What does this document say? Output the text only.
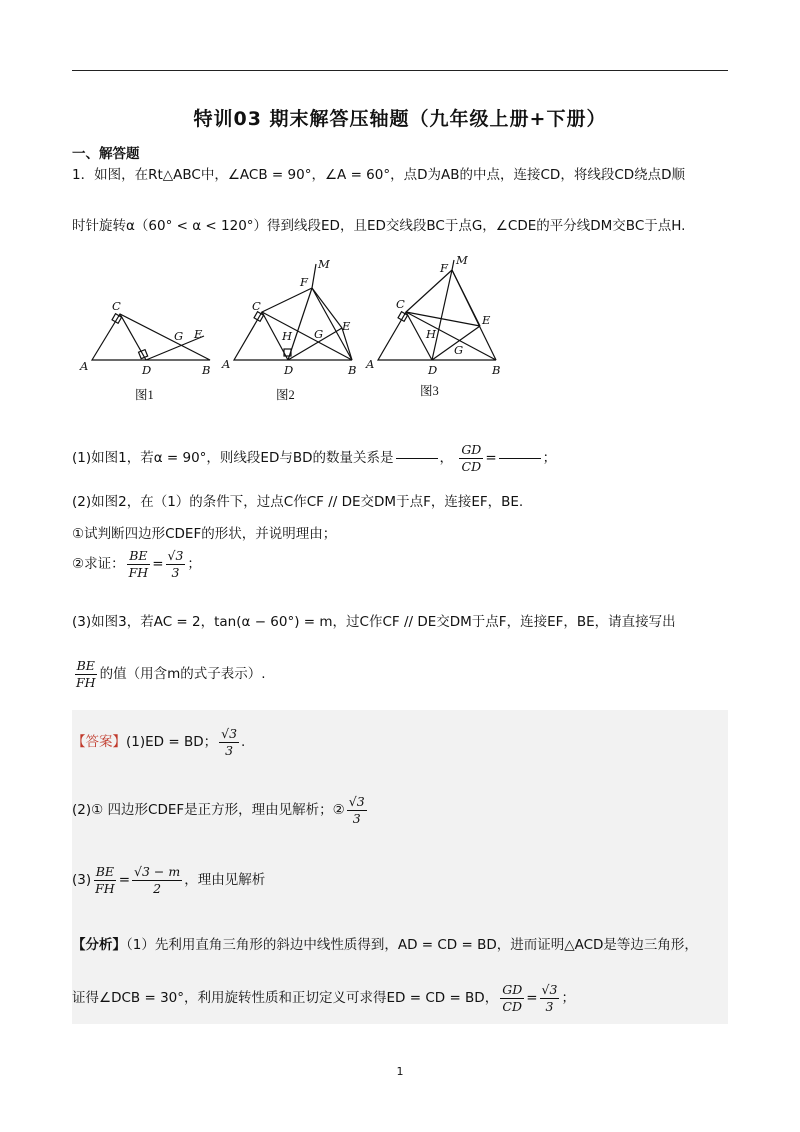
特训03 期末解答压轴题（九年级上册+下册）
一、解答题
1．如图，在Rt△ABC中，∠ACB = 90°，∠A = 60°，点D为AB的中点，连接CD，将线段CD绕点D顺
时针旋转α（60° < α < 120°）得到线段ED，且ED交线段BC于点G，∠CDE的平分线DM交BC于点H.
C
A	D	B
G E
M
F
C
H G
E
A	D	B
F
M
C
H
E
G
A	D	B
图1	图2	图3
(1)如图1，若α = 90°，则线段ED与BD的数量关系是	， $\frac{GD}{CD}$ =	；
(2)如图2，在（1）的条件下，过点C作CF // DE交DM于点F，连接EF，BE.
①试判断四边形CDEF的形状，并说明理由；
②求证： $\frac{BE}{FH} = \frac{√3}{3}$ ；
(3)如图3，若AC = 2，tan(α − 60°) = m，过C作CF // DE交DM于点F，连接EF，BE，请直接写出
$\frac{BE}{FH}$ 的值（用含m的式子表示）.
【答案】(1)ED = BD； $\frac{√3}{3}$ .
(2)① 四边形CDEF是正方形，理由见解析；② $\frac{√3}{3}$
$(3) \frac{BE}{FH} = \frac{√3 - m}{2}$ ，理由见解析
【分析】（1）先利用直角三角形的斜边中线性质得到，AD = CD = BD，进而证明△ACD是等边三角形，
证得∠DCB = 30°，利用旋转性质和正切定义可求得ED = CD = BD， $\frac{GD}{CD} = \frac{√3}{3}$ ；
1
